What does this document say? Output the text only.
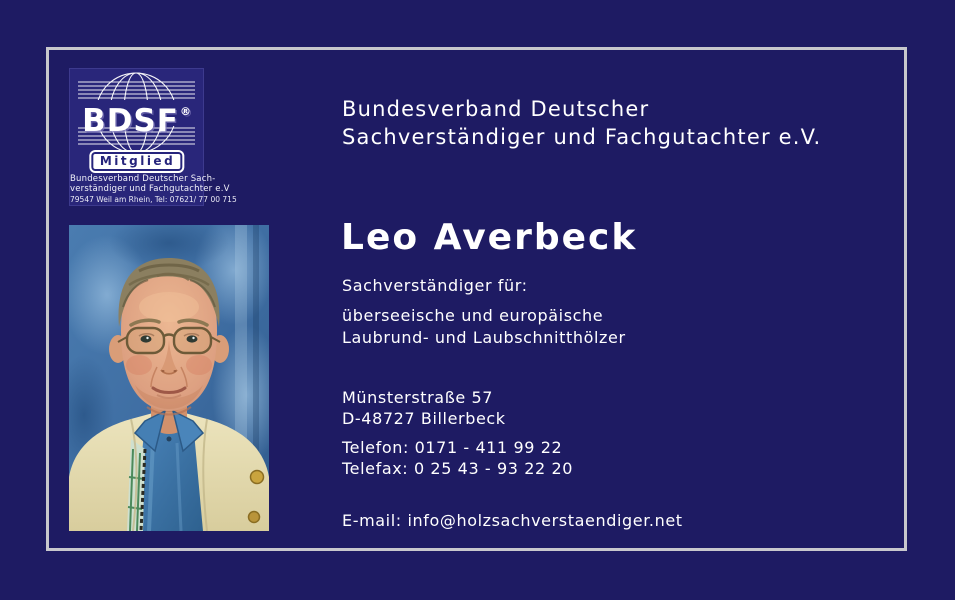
BDSF®
Mitglied
Bundesverband Deutscher Sach-
verständiger und Fachgutachter e.V
79547 Weil am Rhein, Tel: 07621/ 77 00 715
Bundesverband Deutscher
Sachverständiger und Fachgutachter e.V.
Leo Averbeck
Sachverständiger für:
überseeische und europäische
Laubrund- und Laubschnitthölzer
Münsterstraße 57
D-48727 Billerbeck
Telefon: 0171 - 411 99 22
Telefax: 0 25 43 - 93 22 20
E-mail: info@holzsachverstaendiger.net
